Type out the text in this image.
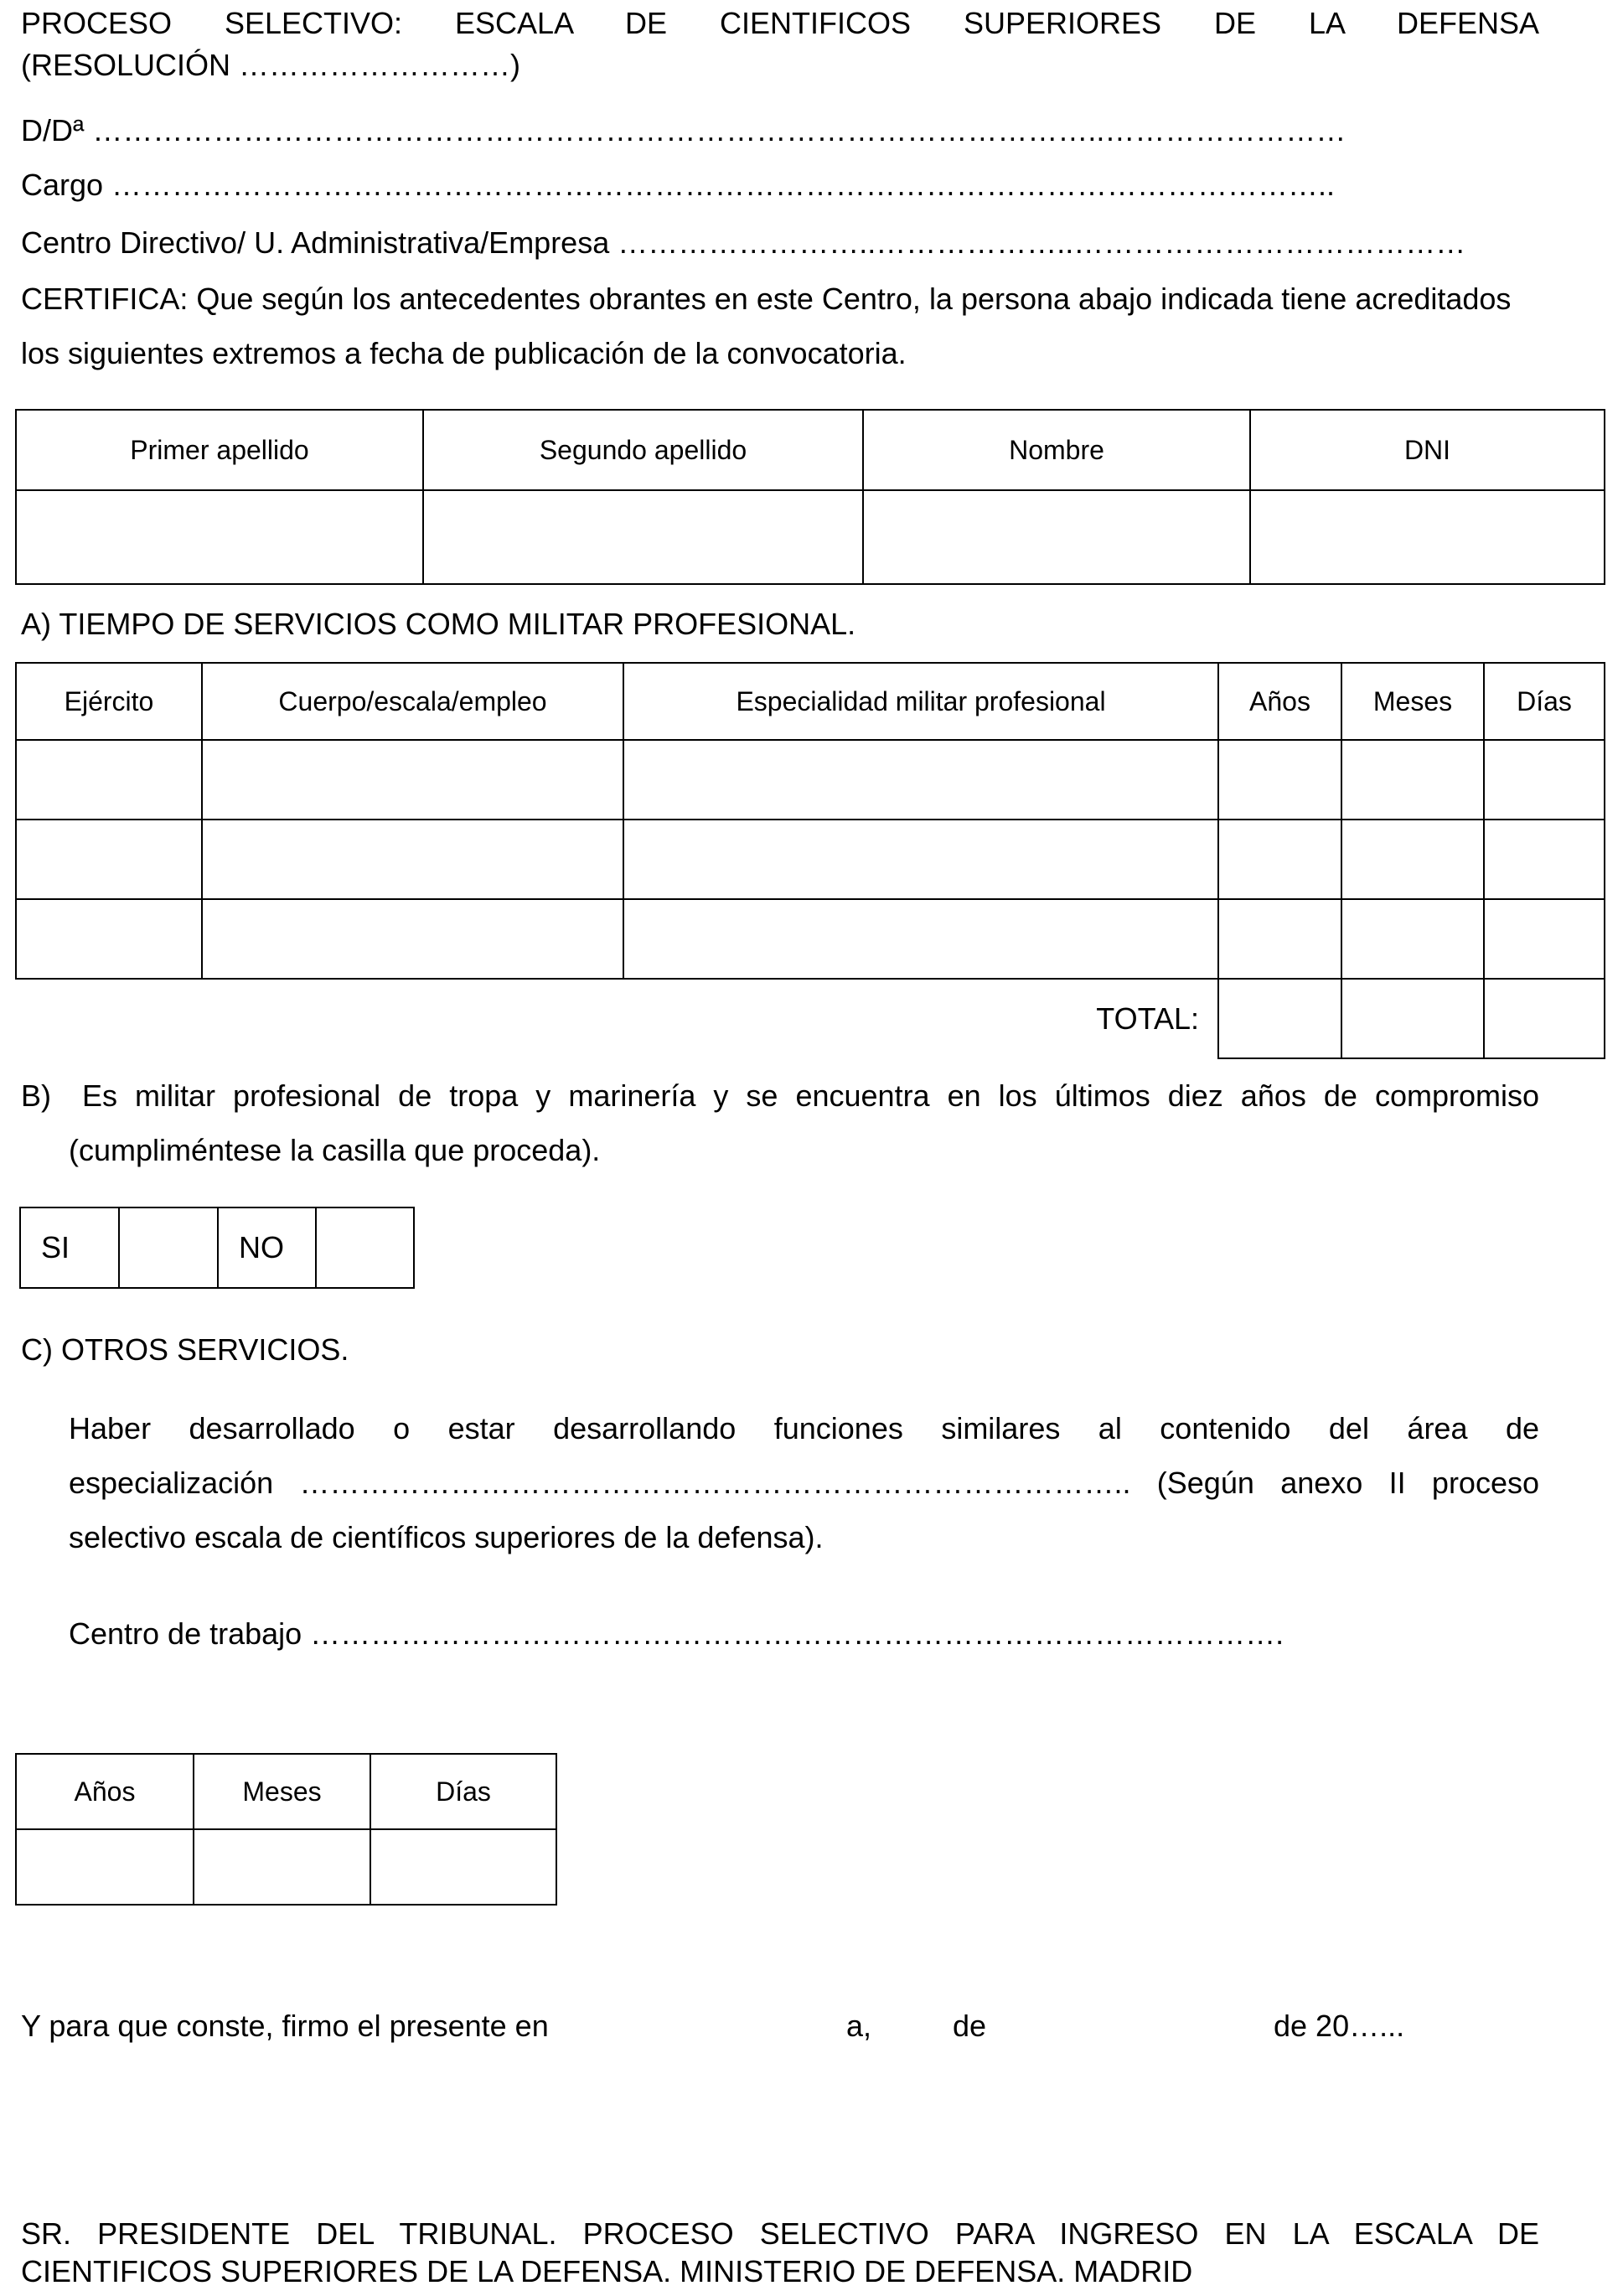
PROCESO SELECTIVO: ESCALA DE CIENTIFICOS SUPERIORES DE LA DEFENSA
(RESOLUCIÓN ………………………)
D/Dª ………………………………………………………………………………………..……………………
Cargo …………………………………………………………………………………………………………..
Centro Directivo/ U. Administrativa/Empresa ……………………..………………..…………………………………
CERTIFICA: Que según los antecedentes obrantes en este Centro, la persona abajo indicada tiene acreditados
los siguientes extremos a fecha de publicación de la convocatoria.
Primer apellido	Segundo apellido	Nombre	DNI

A) TIEMPO DE SERVICIOS COMO MILITAR PROFESIONAL.
Ejército	Cuerpo/escala/empleo	Especialidad militar profesional	Años	Meses	Días

		TOTAL:			
B) Es militar profesional de tropa y marinería y se encuentra en los últimos diez años de compromiso
(cumpliméntese la casilla que proceda).
SI		NO	
C) OTROS SERVICIOS.
Haber desarrollado o estar desarrollando funciones similares al contenido del área de
especialización ……………………………………………………………………….. (Según anexo II proceso
selectivo escala de científicos superiores de la defensa).
Centro de trabajo …………………………………………………………………………………….
Años	Meses	Días

Y para que conste, firmo el presente en	a,	de	de 20…...
SR. PRESIDENTE DEL TRIBUNAL. PROCESO SELECTIVO PARA INGRESO EN LA ESCALA DE
CIENTIFICOS SUPERIORES DE LA DEFENSA. MINISTERIO DE DEFENSA. MADRID
